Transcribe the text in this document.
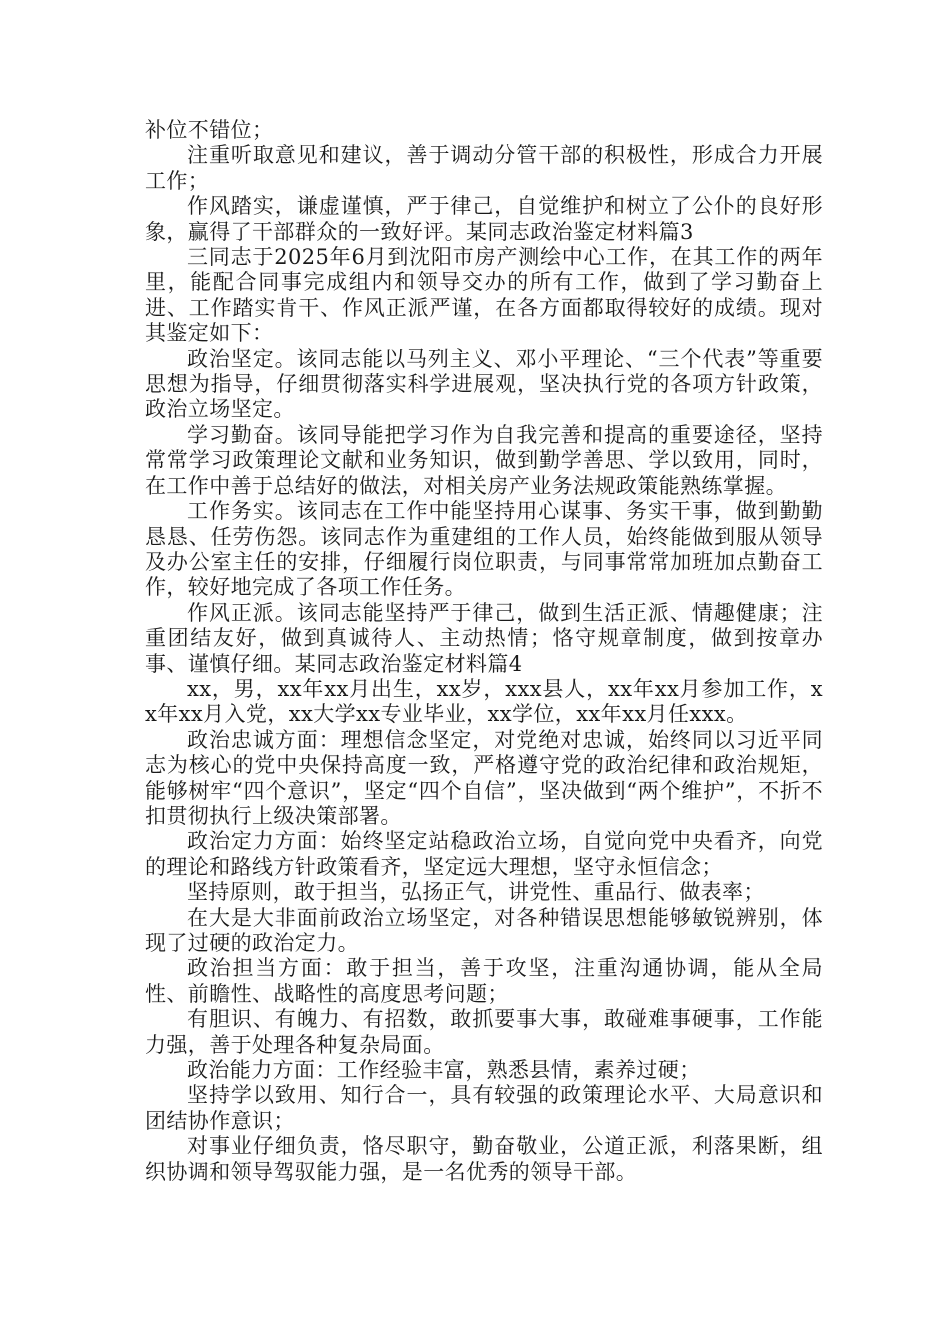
补位不错位；

注重听取意见和建议，善于调动分管干部的积极性，形成合力开展工作；

作风踏实，谦虚谨慎，严于律己，自觉维护和树立了公仆的良好形象，赢得了干部群众的一致好评。某同志政治鉴定材料篇3

三同志于2025年6月到沈阳市房产测绘中心工作，在其工作的两年里，能配合同事完成组内和领导交办的所有工作，做到了学习勤奋上进、工作踏实肯干、作风正派严谨，在各方面都取得较好的成绩。现对其鉴定如下：

政治坚定。该同志能以马列主义、邓小平理论、“三个代表”等重要思想为指导，仔细贯彻落实科学进展观，坚决执行党的各项方针政策，政治立场坚定。

学习勤奋。该同导能把学习作为自我完善和提高的重要途径，坚持常常学习政策理论文献和业务知识，做到勤学善思、学以致用，同时，在工作中善于总结好的做法，对相关房产业务法规政策能熟练掌握。

工作务实。该同志在工作中能坚持用心谋事、务实干事，做到勤勤恳恳、任劳伤怨。该同志作为重建组的工作人员，始终能做到服从领导及办公室主任的安排，仔细履行岗位职责，与同事常常加班加点勤奋工作，较好地完成了各项工作任务。

作风正派。该同志能坚持严于律己，做到生活正派、情趣健康；注重团结友好，做到真诚待人、主动热情；恪守规章制度，做到按章办事、谨慎仔细。某同志政治鉴定材料篇4

xx，男，xx年xx月出生，xx岁，xxx县人，xx年xx月参加工作，xx年xx月入党，xx大学xx专业毕业，xx学位，xx年xx月任xxx。

政治忠诚方面：理想信念坚定，对党绝对忠诚，始终同以习近平同志为核心的党中央保持高度一致，严格遵守党的政治纪律和政治规矩，能够树牢“四个意识”，坚定“四个自信”，坚决做到“两个维护”，不折不扣贯彻执行上级决策部署。

政治定力方面：始终坚定站稳政治立场，自觉向党中央看齐，向党的理论和路线方针政策看齐，坚定远大理想，坚守永恒信念；

坚持原则，敢于担当，弘扬正气，讲党性、重品行、做表率；

在大是大非面前政治立场坚定，对各种错误思想能够敏锐辨别，体现了过硬的政治定力。

政治担当方面：敢于担当，善于攻坚，注重沟通协调，能从全局性、前瞻性、战略性的高度思考问题；

有胆识、有魄力、有招数，敢抓要事大事，敢碰难事硬事，工作能力强，善于处理各种复杂局面。

政治能力方面：工作经验丰富，熟悉县情，素养过硬；

坚持学以致用、知行合一，具有较强的政策理论水平、大局意识和团结协作意识；

对事业仔细负责，恪尽职守，勤奋敬业，公道正派，利落果断，组织协调和领导驾驭能力强，是一名优秀的领导干部。
